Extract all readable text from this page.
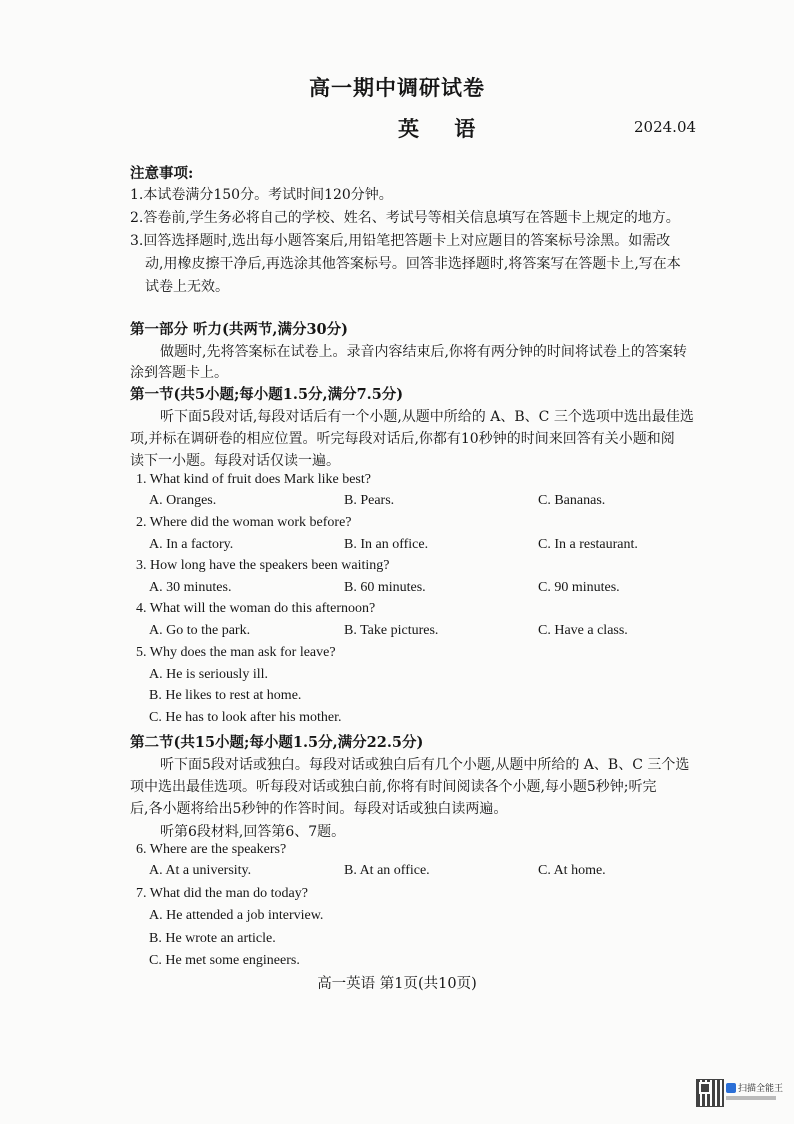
高一期中调研试卷
英 语	2024.04
注意事项:
1.本试卷满分150分。考试时间120分钟。
2.答卷前,学生务必将自己的学校、姓名、考试号等相关信息填写在答题卡上规定的地方。
3.回答选择题时,选出每小题答案后,用铅笔把答题卡上对应题目的答案标号涂黑。如需改
动,用橡皮擦干净后,再选涂其他答案标号。回答非选择题时,将答案写在答题卡上,写在本
试卷上无效。
第一部分 听力(共两节,满分30分)
做题时,先将答案标在试卷上。录音内容结束后,你将有两分钟的时间将试卷上的答案转
涂到答题卡上。
第一节(共5小题;每小题1.5分,满分7.5分)
听下面5段对话,每段对话后有一个小题,从题中所给的 A、B、C 三个选项中选出最佳选
项,并标在调研卷的相应位置。听完每段对话后,你都有10秒钟的时间来回答有关小题和阅
读下一小题。每段对话仅读一遍。
1. What kind of fruit does Mark like best?
A. Oranges.	B. Pears.	C. Bananas.
2. Where did the woman work before?
A. In a factory.	B. In an office.	C. In a restaurant.
3. How long have the speakers been waiting?
A. 30 minutes.	B. 60 minutes.	C. 90 minutes.
4. What will the woman do this afternoon?
A. Go to the park.	B. Take pictures.	C. Have a class.
5. Why does the man ask for leave?
A. He is seriously ill.
B. He likes to rest at home.
C. He has to look after his mother.
第二节(共15小题;每小题1.5分,满分22.5分)
听下面5段对话或独白。每段对话或独白后有几个小题,从题中所给的 A、B、C 三个选
项中选出最佳选项。听每段对话或独白前,你将有时间阅读各个小题,每小题5秒钟;听完
后,各小题将给出5秒钟的作答时间。每段对话或独白读两遍。
听第6段材料,回答第6、7题。
6. Where are the speakers?
A. At a university.	B. At an office.	C. At home.
7. What did the man do today?
A. He attended a job interview.
B. He wrote an article.
C. He met some engineers.
高一英语 第1页(共10页)
扫描全能王
